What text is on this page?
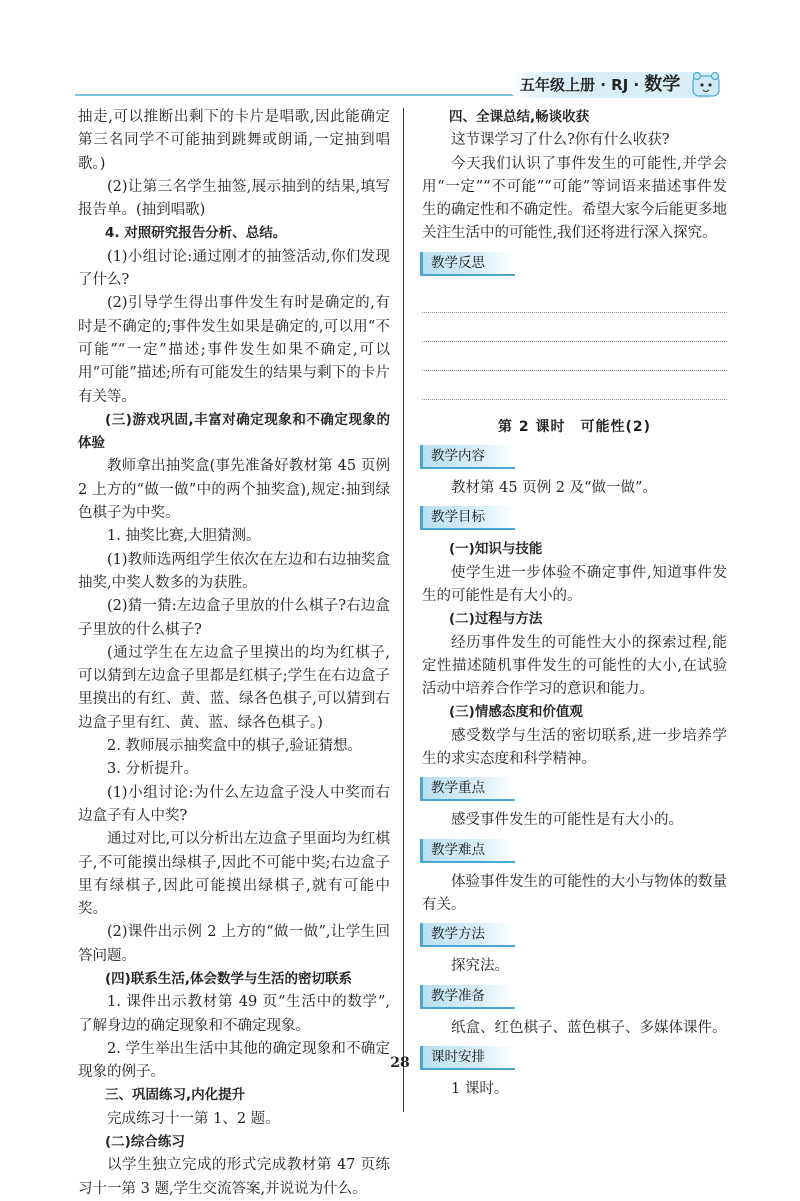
五年级上册 · RJ · 数学

抽走,可以推断出剩下的卡片是唱歌,因此能确定第三名同学不可能抽到跳舞或朗诵,一定抽到唱歌。)

(2)让第三名学生抽签,展示抽到的结果,填写报告单。(抽到唱歌)

4. 对照研究报告分析、总结。

(1)小组讨论:通过刚才的抽签活动,你们发现了什么?

(2)引导学生得出事件发生有时是确定的,有时是不确定的;事件发生如果是确定的,可以用“不可能”“一定”描述;事件发生如果不确定,可以用“可能”描述;所有可能发生的结果与剩下的卡片有关等。

(三)游戏巩固,丰富对确定现象和不确定现象的体验

教师拿出抽奖盒(事先准备好教材第 45 页例 2 上方的“做一做”中的两个抽奖盒),规定:抽到绿色棋子为中奖。

1. 抽奖比赛,大胆猜测。

(1)教师选两组学生依次在左边和右边抽奖盒抽奖,中奖人数多的为获胜。

(2)猜一猜:左边盒子里放的什么棋子?右边盒子里放的什么棋子?

(通过学生在左边盒子里摸出的均为红棋子,可以猜到左边盒子里都是红棋子;学生在右边盒子里摸出的有红、黄、蓝、绿各色棋子,可以猜到右边盒子里有红、黄、蓝、绿各色棋子。)

2. 教师展示抽奖盒中的棋子,验证猜想。

3. 分析提升。

(1)小组讨论:为什么左边盒子没人中奖而右边盒子有人中奖?

通过对比,可以分析出左边盒子里面均为红棋子,不可能摸出绿棋子,因此不可能中奖;右边盒子里有绿棋子,因此可能摸出绿棋子,就有可能中奖。

(2)课件出示例 2 上方的“做一做”,让学生回答问题。

(四)联系生活,体会数学与生活的密切联系

1. 课件出示教材第 49 页“生活中的数学”,了解身边的确定现象和不确定现象。

2. 学生举出生活中其他的确定现象和不确定现象的例子。

三、巩固练习,内化提升

完成练习十一第 1、2 题。

(二)综合练习

以学生独立完成的形式完成教材第 47 页练习十一第 3 题,学生交流答案,并说说为什么。

四、全课总结,畅谈收获

这节课学习了什么?你有什么收获?

今天我们认识了事件发生的可能性,并学会用“一定”“不可能”“可能”等词语来描述事件发生的确定性和不确定性。希望大家今后能更多地关注生活中的可能性,我们还将进行深入探究。

教学反思
第 2 课时　可能性(2)
教学内容

教材第 45 页例 2 及“做一做”。

教学目标

(一)知识与技能

使学生进一步体验不确定事件,知道事件发生的可能性是有大小的。

(二)过程与方法

经历事件发生的可能性大小的探索过程,能定性描述随机事件发生的可能性的大小,在试验活动中培养合作学习的意识和能力。

(三)情感态度和价值观

感受数学与生活的密切联系,进一步培养学生的求实态度和科学精神。

教学重点

感受事件发生的可能性是有大小的。

教学难点

体验事件发生的可能性的大小与物体的数量有关。

教学方法

探究法。

教学准备

纸盒、红色棋子、蓝色棋子、多媒体课件。

课时安排

1 课时。

28
